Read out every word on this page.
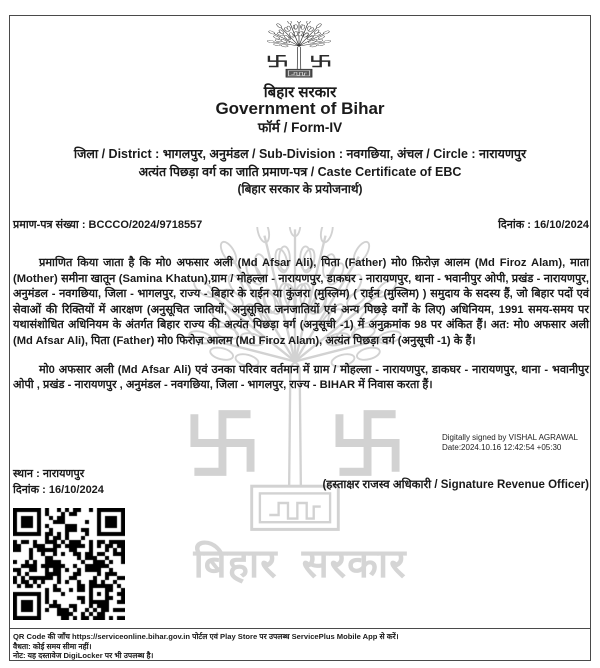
बिहार सरकार
बिहार सरकार
Government of Bihar
फॉर्म / Form-IV
जिला / District : भागलपुर, अनुमंडल / Sub-Division : नवगछिया, अंचल / Circle : नारायणपुर
अत्यंत पिछड़ा वर्ग का जाति प्रमाण-पत्र / Caste Certificate of EBC
(बिहार सरकार के प्रयोजनार्थ)
प्रमाण-पत्र संख्या : BCCCO/2024/9718557	दिनांक : 16/10/2024

प्रमाणित किया जाता है कि मो0 अफसार अली (Md Afsar Ali), पिता (Father) मो0 फ़िरोज़ आलम (Md Firoz Alam), माता (Mother) समीना खातून (Samina Khatun),ग्राम / मोहल्ला - नारायणपुर, डाकघर - नारायणपुर, थाना - भवानीपुर ओपी, प्रखंड - नारायणपुर, अनुमंडल - नवगछिया, जिला - भागलपुर, राज्य - बिहार के राईन या कुंजरा (मुस्लिम) ( राईन (मुस्लिम) ) समुदाय के सदस्य हैं, जो बिहार पदों एवं सेवाओं की रिक्तियों में आरक्षण (अनुसूचित जातियों, अनुसूचित जनजातियों एवं अन्य पिछड़े वर्गों के लिए) अधिनियम, 1991 समय-समय पर यथासंशोधित अधिनियम के अंतर्गत बिहार राज्य की अत्यंत पिछड़ा वर्ग (अनुसूची -1) में अनुक्रमांक 98 पर अंकित हैं। अत: मो0 अफसार अली (Md Afsar Ali), पिता (Father) मो0 फिरोज़ आलम (Md Firoz Alam), अत्यंत पिछड़ा वर्ग (अनुसूची -1) के हैं।

मो0 अफसार अली (Md Afsar Ali) एवं उनका परिवार वर्तमान में ग्राम / मोहल्ला - नारायणपुर, डाकघर - नारायणपुर, थाना - भवानीपुर ओपी , प्रखंड - नारायणपुर , अनुमंडल - नवगछिया, जिला - भागलपुर, राज्य - BIHAR में निवास करता हैं।

Digitally signed by VISHAL AGRAWAL
Date:2024.10.16 12:42:54 +05:30
स्थान : नारायणपुर
दिनांक : 16/10/2024	(हस्ताक्षर राजस्व अधिकारी / Signature Revenue Officer)
QR Code की जाँच https://serviceonline.bihar.gov.in पोर्टल एवं Play Store पर उपलब्ध ServicePlus Mobile App से करें।
वैधता: कोई समय सीमा नहीं।
नोट: यह दस्तावेज DigiLocker पर भी उपलब्ध है।
